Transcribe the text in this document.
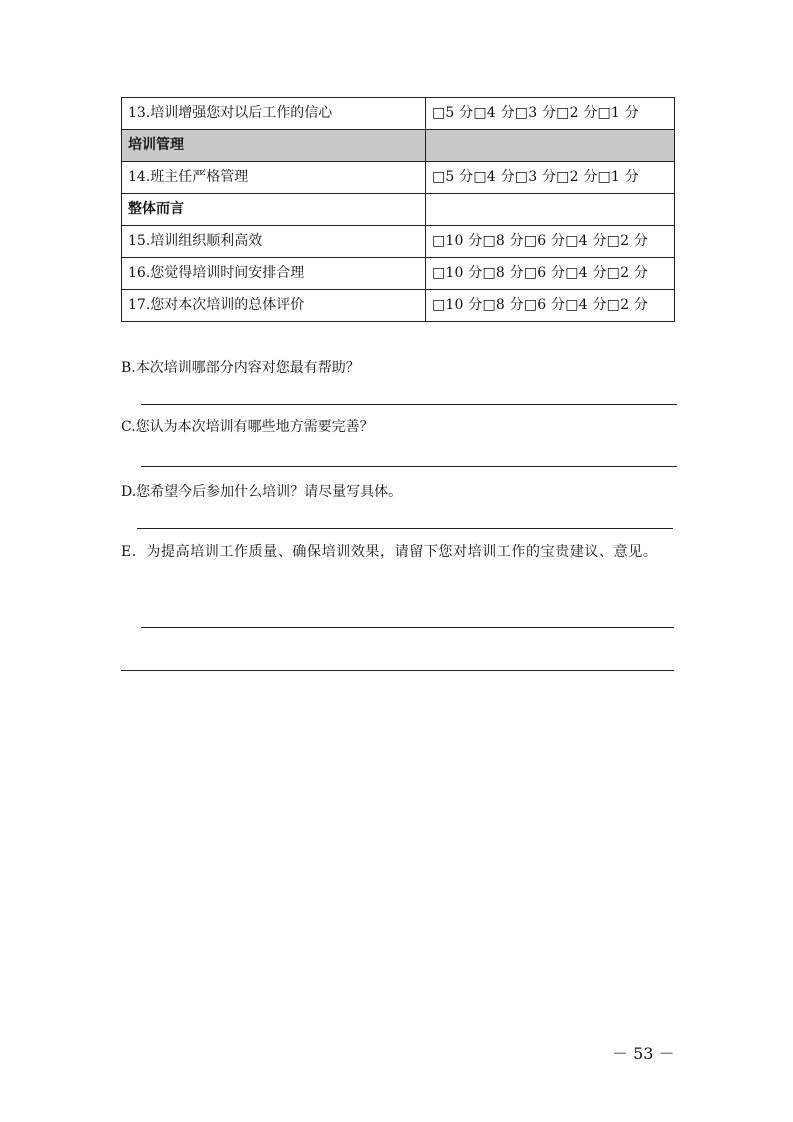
13.培训增强您对以后工作的信心	□5 分□4 分□3 分□2 分□1 分
培训管理	
14.班主任严格管理	□5 分□4 分□3 分□2 分□1 分
整体而言	
15.培训组织顺利高效	□10 分□8 分□6 分□4 分□2 分
16.您觉得培训时间安排合理	□10 分□8 分□6 分□4 分□2 分
17.您对本次培训的总体评价	□10 分□8 分□6 分□4 分□2 分
B.本次培训哪部分内容对您最有帮助？
C.您认为本次培训有哪些地方需要完善？
D.您希望今后参加什么培训？请尽量写具体。
E．为提高培训工作质量、确保培训效果，请留下您对培训工作的宝贵建议、意见。
－ 53 －
